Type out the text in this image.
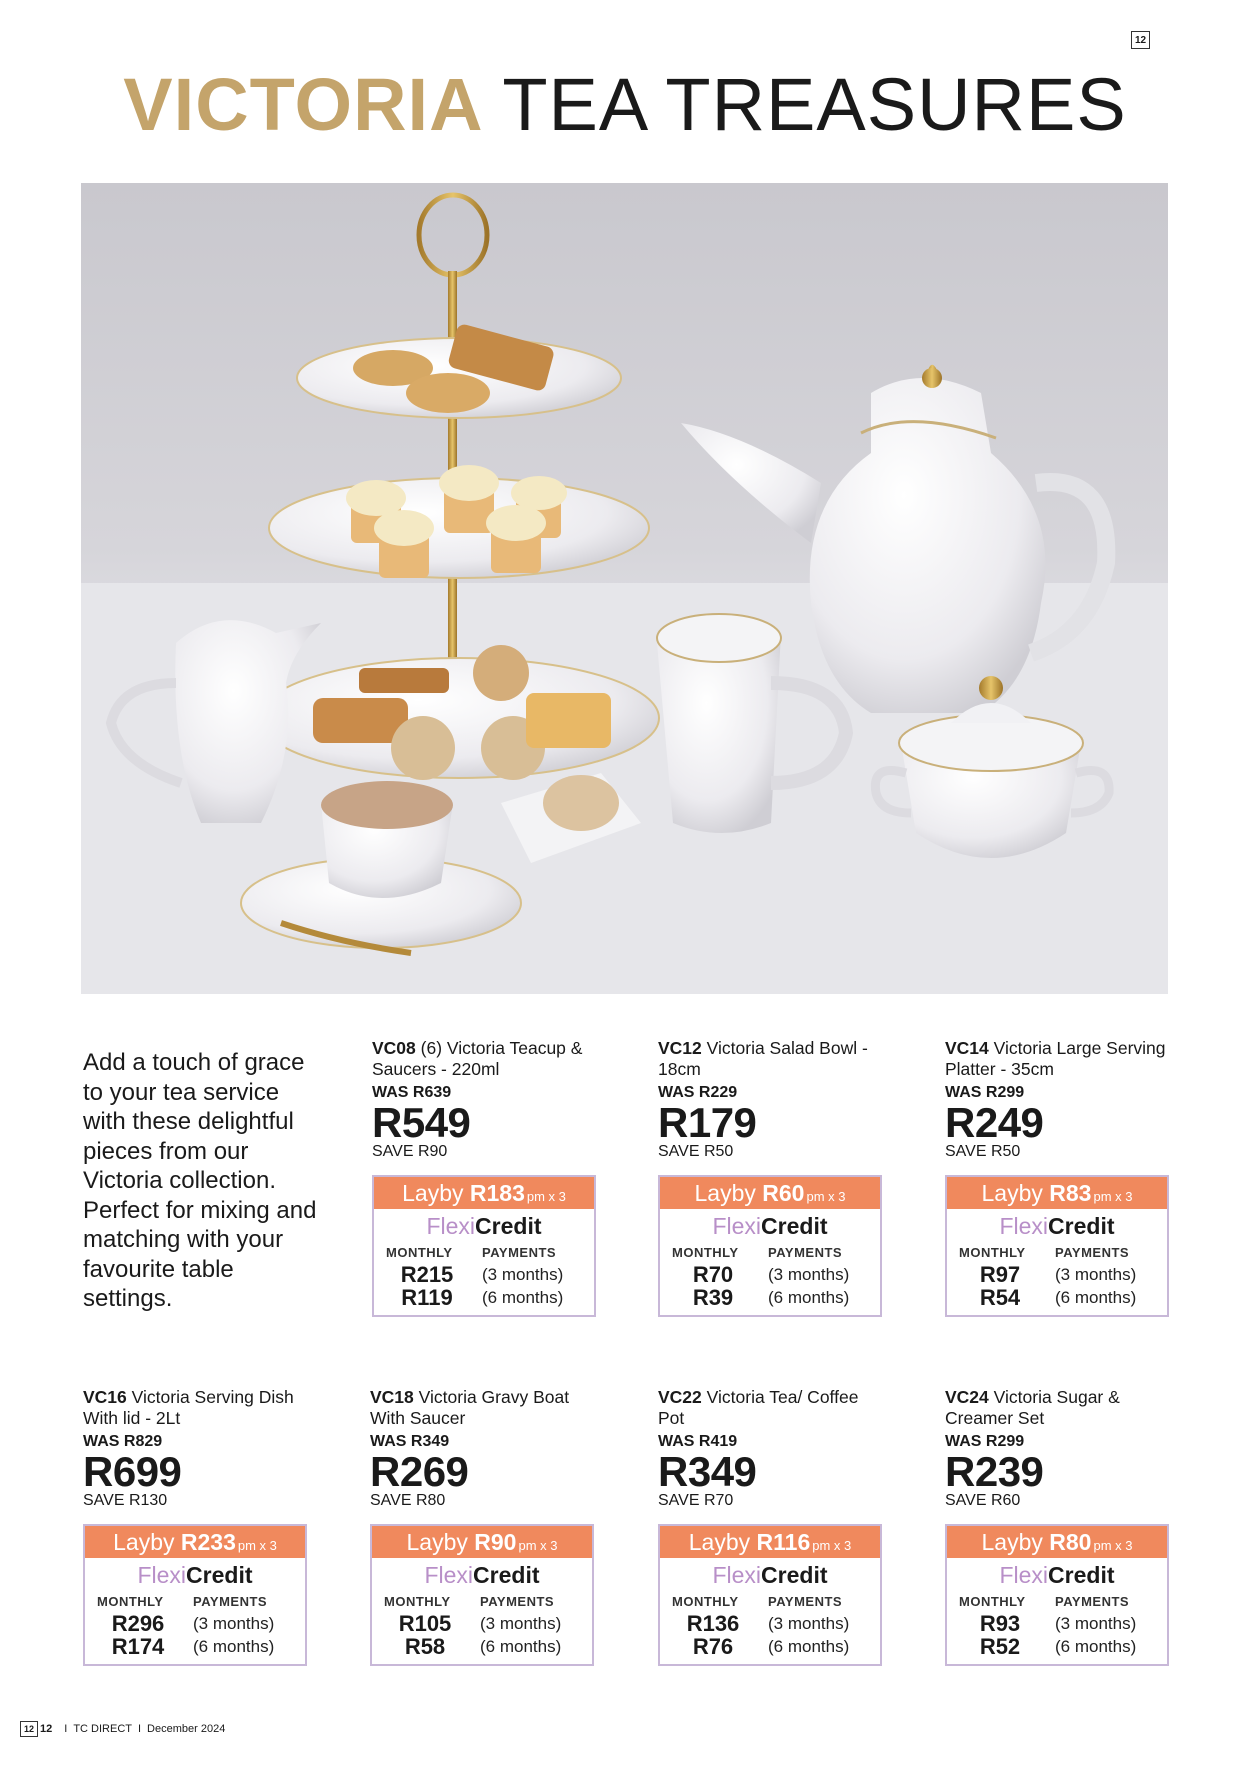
12
VICTORIA TEA TREASURES

Add a touch of grace to your tea service with these delightful pieces from our Victoria collection. Perfect for mixing and matching with your favourite table settings.

VC08 (6) Victoria Teacup & Saucers - 220ml
WAS R639
R549
SAVE R90
Layby
R183 pm x 3
FlexiCredit
MONTHLY	PAYMENTS
R215	(3 months)
R119	(6 months)
VC12 Victoria Salad Bowl - 18cm
WAS R229
R179
SAVE R50
Layby
R60 pm x 3
FlexiCredit
MONTHLY	PAYMENTS
R70	(3 months)
R39	(6 months)
VC14 Victoria Large Serving Platter - 35cm
WAS R299
R249
SAVE R50
Layby
R83 pm x 3
FlexiCredit
MONTHLY	PAYMENTS
R97	(3 months)
R54	(6 months)
VC16 Victoria Serving Dish With lid - 2Lt
WAS R829
R699
SAVE R130
Layby
R233 pm x 3
FlexiCredit
MONTHLY	PAYMENTS
R296	(3 months)
R174	(6 months)
VC18 Victoria Gravy Boat With Saucer
WAS R349
R269
SAVE R80
Layby
R90 pm x 3
FlexiCredit
MONTHLY	PAYMENTS
R105	(3 months)
R58	(6 months)
VC22 Victoria Tea/ Coffee Pot
WAS R419
R349
SAVE R70
Layby
R116 pm x 3
FlexiCredit
MONTHLY	PAYMENTS
R136	(3 months)
R76	(6 months)
VC24 Victoria Sugar & Creamer Set
WAS R299
R239
SAVE R60
Layby
R80 pm x 3
FlexiCredit
MONTHLY	PAYMENTS
R93	(3 months)
R52	(6 months)
12 12 I TC DIRECT I December 2024
